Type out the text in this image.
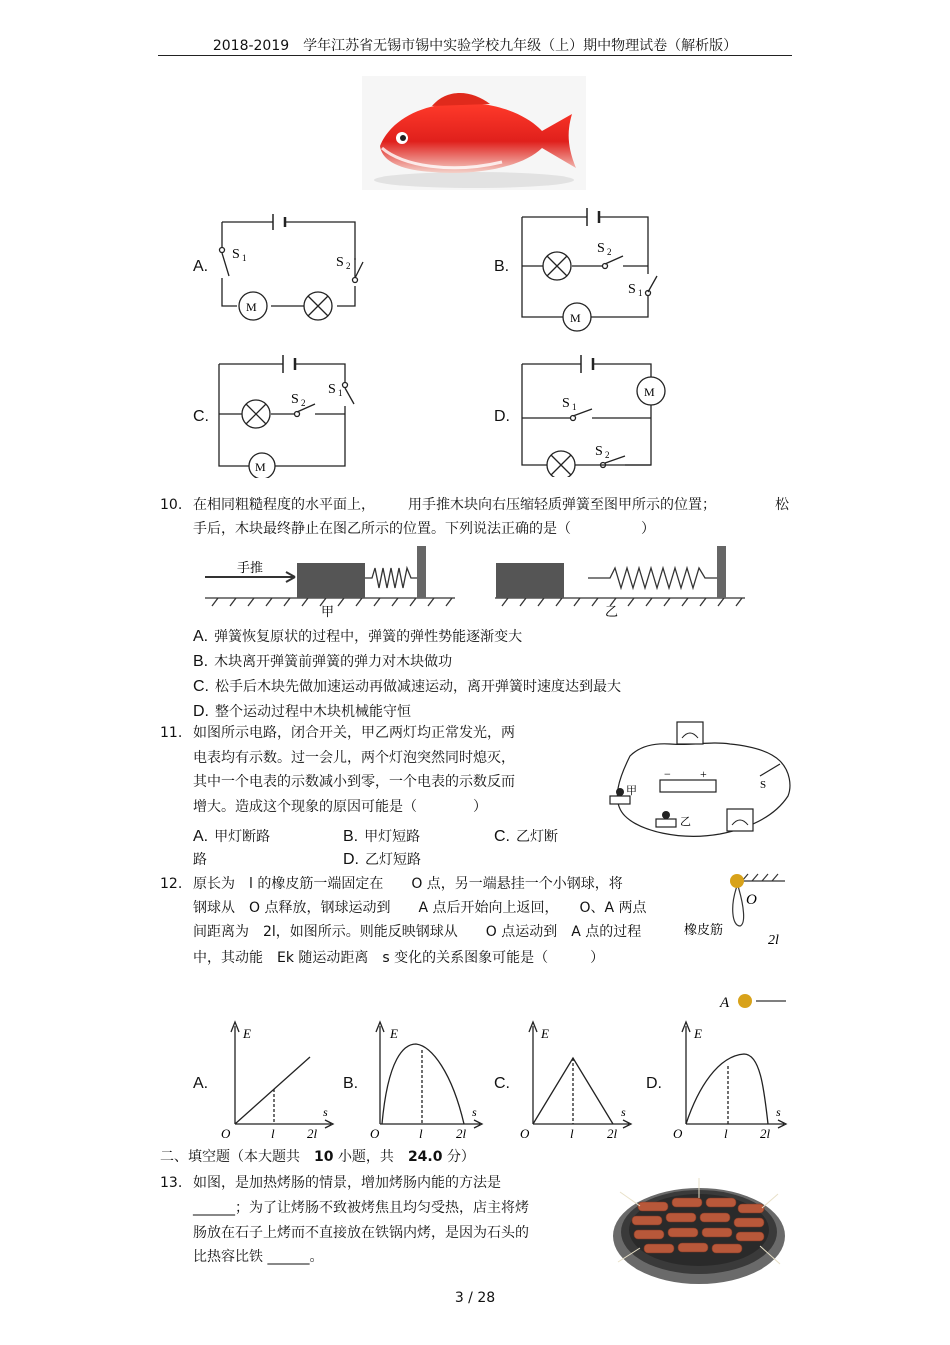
2018-2019　学年江苏省无锡市锡中实验学校九年级（上）期中物理试卷（解析版）
A.
S 1	S 2
M
B.
S 2
S 1
M
C.
S 2
S 1
M
D.
M
S 1
S 2
10. 在相同粗糙程度的水平面上， 用手推木块向右压缩轻质弹簧至图甲所示的位置；	松
手后，木块最终静止在图乙所示的位置。下列说法正确的是（　　　　　）
手推
甲	乙
A. 弹簧恢复原状的过程中，弹簧的弹性势能逐渐变大
B. 木块离开弹簧前弹簧的弹力对木块做功
C. 松手后木块先做加速运动再做减速运动，离开弹簧时速度达到最大
D. 整个运动过程中木块机械能守恒
11. 如图所示电路，闭合开关，甲乙两灯均正常发光，两
电表均有示数。过一会儿，两个灯泡突然同时熄灭，
其中一个电表的示数减小到零，一个电表的示数反而
增大。造成这个现象的原因可能是（　　　　）
A. 甲灯断路	B. 甲灯短路	C. 乙灯断
路	D. 乙灯短路
甲
乙
S
− +
12. 原长为　l 的橡皮筋一端固定在　　O 点，另一端悬挂一个小钢球，将
钢球从　O 点释放，钢球运动到　　A 点后开始向上返回，　　O、A 两点
间距离为　2l，如图所示。则能反映钢球从　　O 点运动到　A 点的过程
中，其动能　Ek 随运动距离　s 变化的关系图象可能是（　　　）
O
橡皮筋
2l
A
A.	B.	C.	D.
E
s
O	l 2l
E
s
O	l	2l
E
s
O	l	2l
E
s
O	l 2l
二、填空题（本大题共　 10 小题，共　 24.0 分）
13. 如图，是加热烤肠的情景，增加烤肠内能的方法是
______；为了让烤肠不致被烤焦且均匀受热，店主将烤
肠放在石子上烤而不直接放在铁锅内烤，是因为石头的
比热容比铁 ______。
3 / 28
